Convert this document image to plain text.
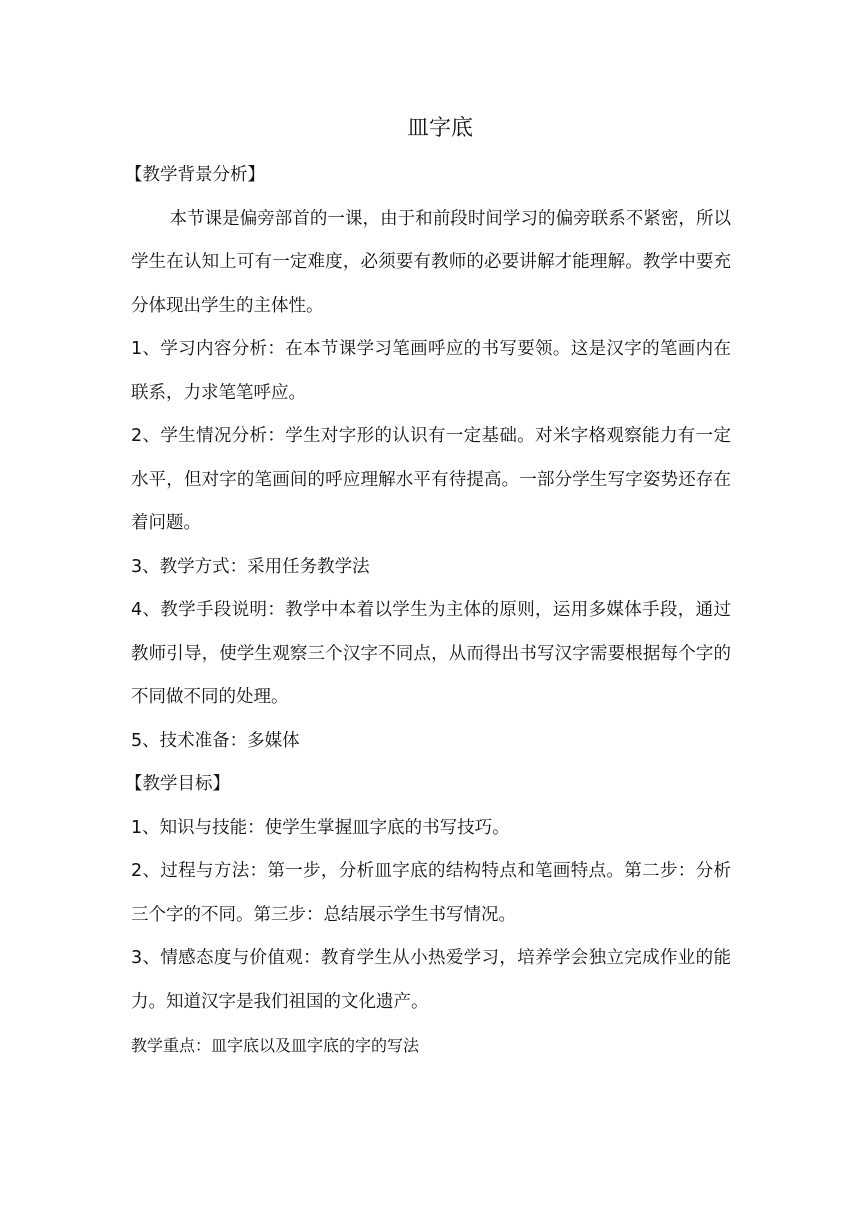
皿字底

【教学背景分析】

本节课是偏旁部首的一课，由于和前段时间学习的偏旁联系不紧密，所以学生在认知上可有一定难度，必须要有教师的必要讲解才能理解。教学中要充分体现出学生的主体性。

1、学习内容分析：在本节课学习笔画呼应的书写要领。这是汉字的笔画内在联系，力求笔笔呼应。

2、学生情况分析：学生对字形的认识有一定基础。对米字格观察能力有一定水平，但对字的笔画间的呼应理解水平有待提高。一部分学生写字姿势还存在着问题。

3、教学方式：采用任务教学法

4、教学手段说明：教学中本着以学生为主体的原则，运用多媒体手段，通过教师引导，使学生观察三个汉字不同点，从而得出书写汉字需要根据每个字的不同做不同的处理。

5、技术准备：多媒体

【教学目标】

1、知识与技能：使学生掌握皿字底的书写技巧。

2、过程与方法：第一步，分析皿字底的结构特点和笔画特点。第二步：分析三个字的不同。第三步：总结展示学生书写情况。

3、情感态度与价值观：教育学生从小热爱学习，培养学会独立完成作业的能力。知道汉字是我们祖国的文化遗产。

教学重点：皿字底以及皿字底的字的写法
